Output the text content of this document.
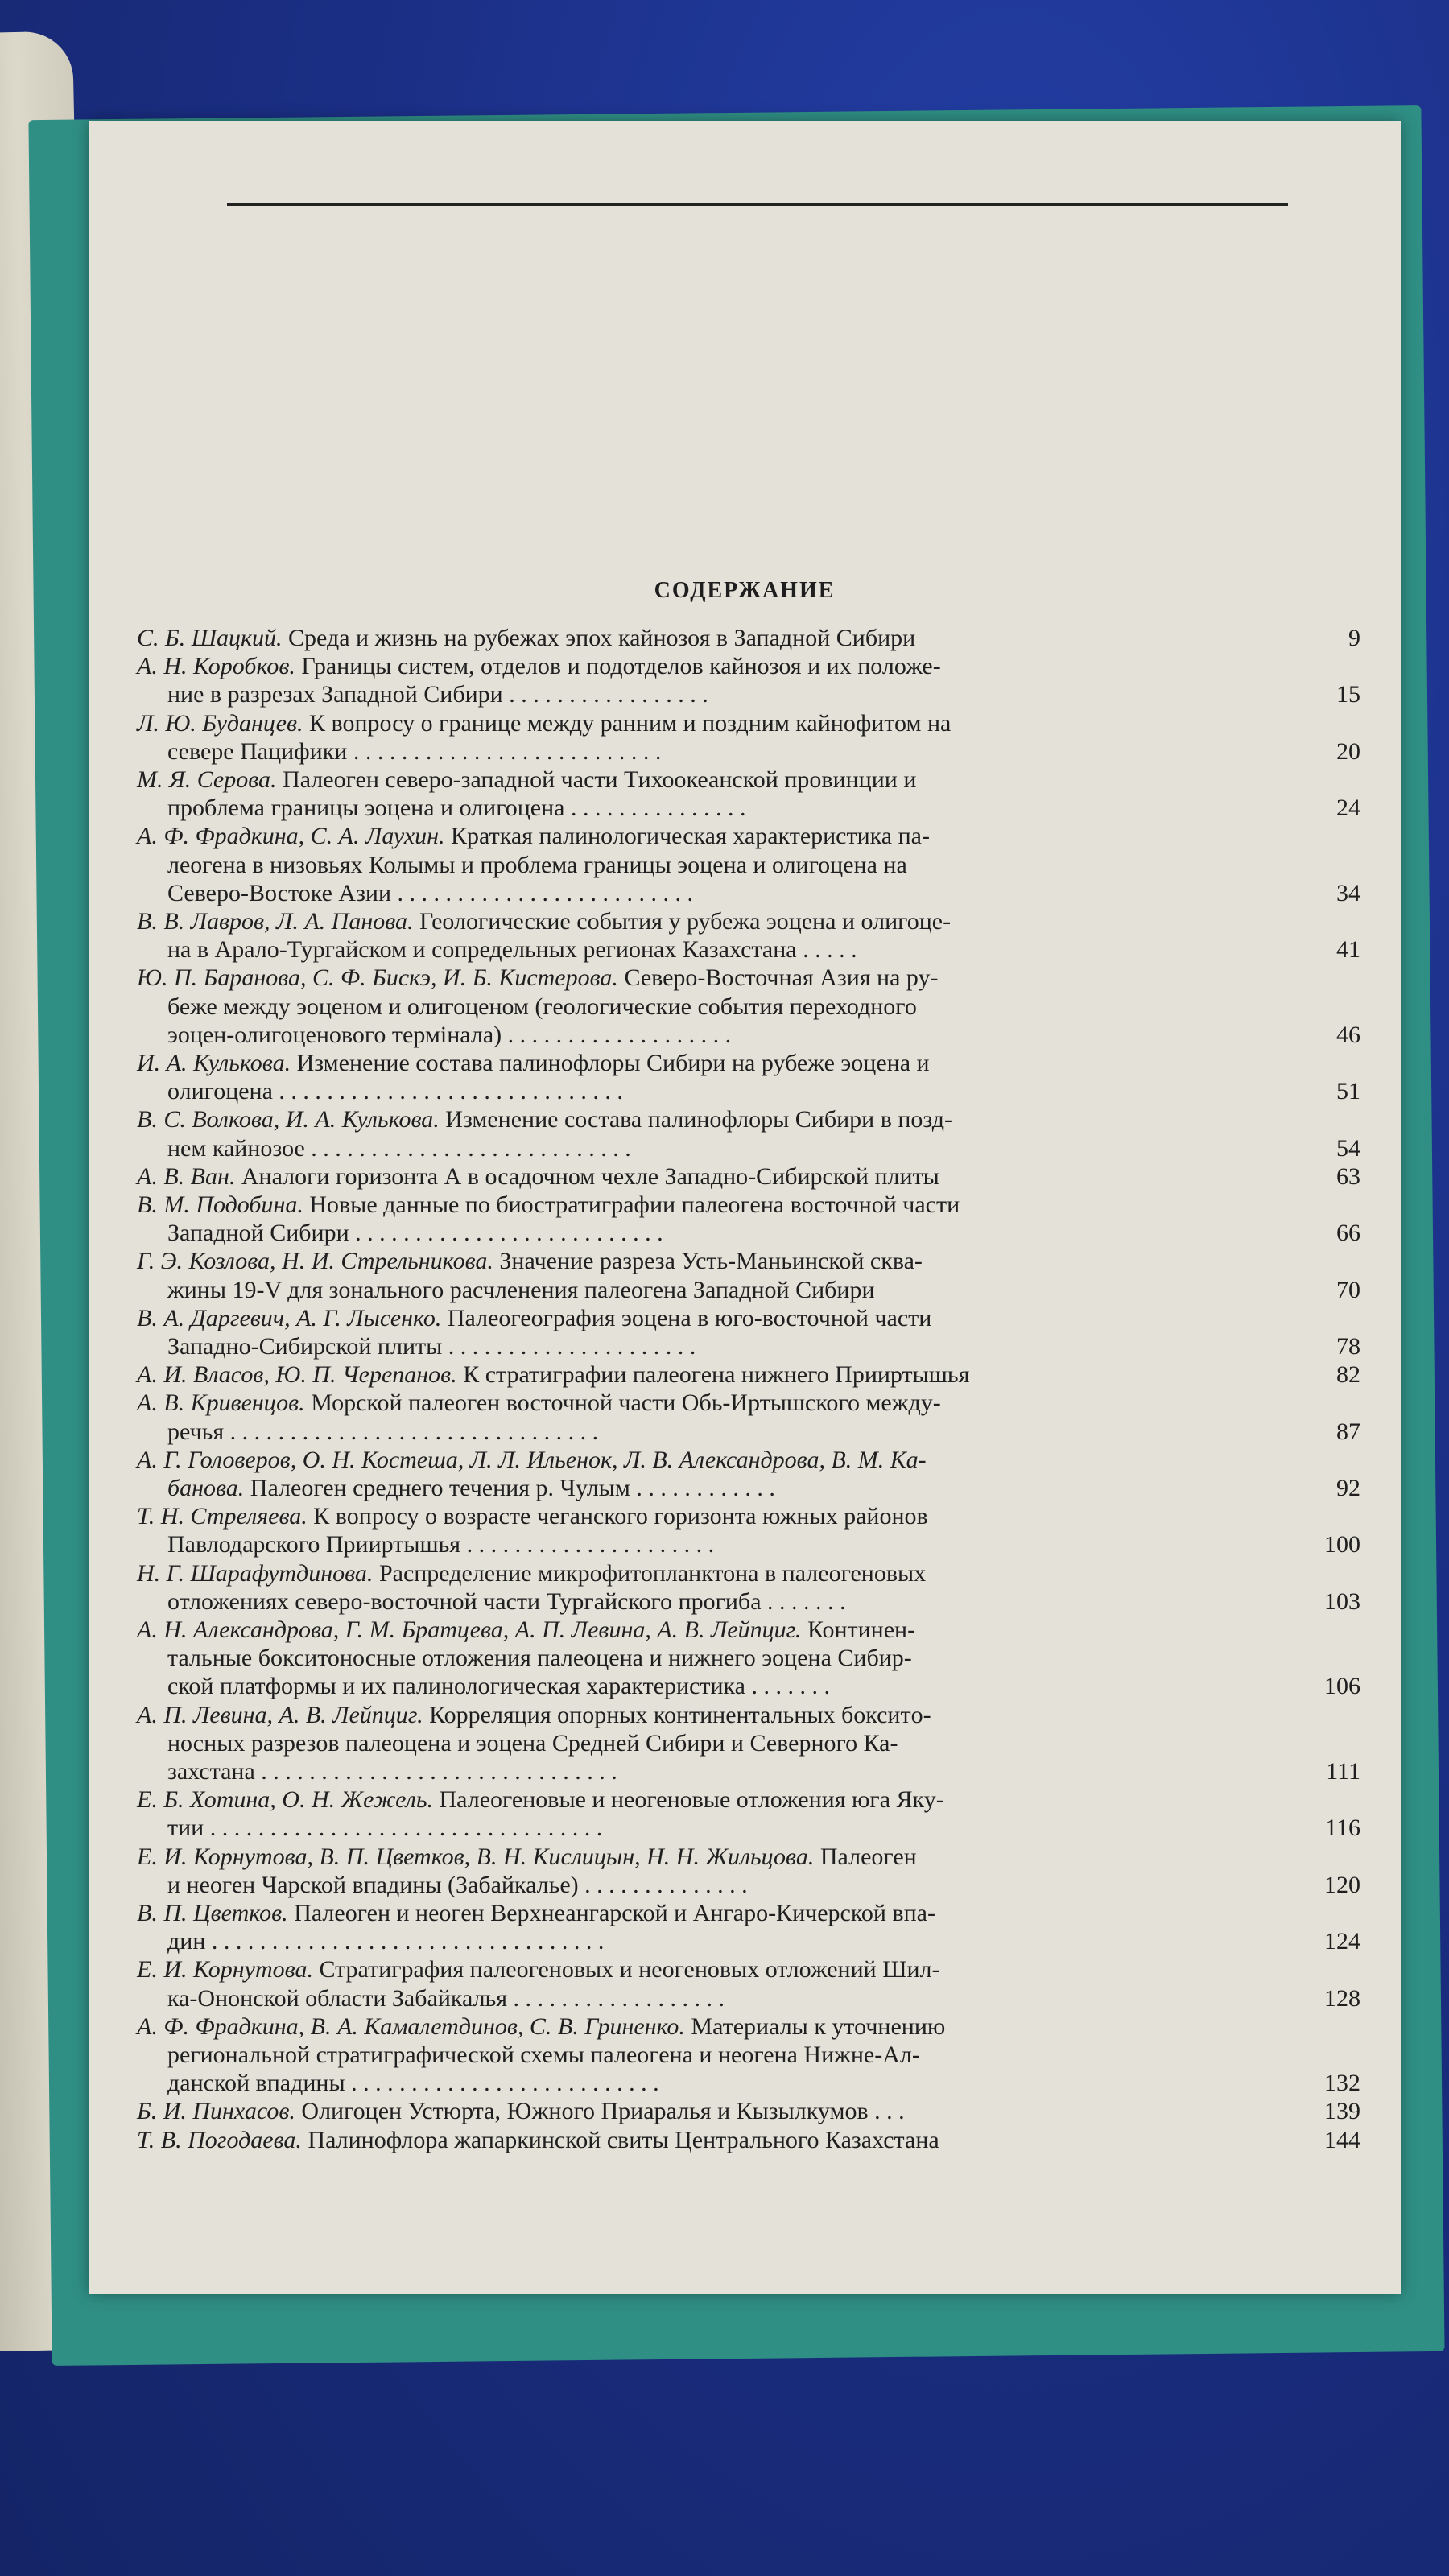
СОДЕРЖАНИЕ
С. Б. Шацкий. Среда и жизнь на рубежах эпох кайнозоя в Западной Сибири	9
А. Н. Коробков. Границы систем, отделов и подотделов кайнозоя и их положе-
ние в разрезах Западной Сибири . . . . . . . . . . . . . . . . .	15
Л. Ю. Буданцев. К вопросу о границе между ранним и поздним кайнофитом на
севере Пацифики . . . . . . . . . . . . . . . . . . . . . . . . . .	20
М. Я. Серова. Палеоген северо-западной части Тихоокеанской провинции и
проблема границы эоцена и олигоцена . . . . . . . . . . . . . . .	24
А. Ф. Фрадкина, С. А. Лаухин. Краткая палинологическая характеристика па-
леогена в низовьях Колымы и проблема границы эоцена и олигоцена на
Северо-Востоке Азии . . . . . . . . . . . . . . . . . . . . . . . . .	34
В. В. Лавров, Л. А. Панова. Геологические события у рубежа эоцена и олигоце-
на в Арало-Тургайском и сопредельных регионах Казахстана . . . . .	41
Ю. П. Баранова, С. Ф. Бискэ, И. Б. Кистерова. Северо-Восточная Азия на ру-
беже между эоценом и олигоценом (геологические события переходного
эоцен-олигоценового термінала) . . . . . . . . . . . . . . . . . . .	46
И. А. Кулькова. Изменение состава палинофлоры Сибири на рубеже эоцена и
олигоцена . . . . . . . . . . . . . . . . . . . . . . . . . . . . .	51
В. С. Волкова, И. А. Кулькова. Изменение состава палинофлоры Сибири в позд-
нем кайнозое . . . . . . . . . . . . . . . . . . . . . . . . . . .	54
А. В. Ван. Аналоги горизонта А в осадочном чехле Западно-Сибирской плиты	63
В. М. Подобина. Новые данные по биостратиграфии палеогена восточной части
Западной Сибири . . . . . . . . . . . . . . . . . . . . . . . . . .	66
Г. Э. Козлова, Н. И. Стрельникова. Значение разреза Усть-Маньинской сква-
жины 19-V для зонального расчленения палеогена Западной Сибири	70
В. А. Даргевич, А. Г. Лысенко. Палеогеография эоцена в юго-восточной части
Западно-Сибирской плиты . . . . . . . . . . . . . . . . . . . . .	78
А. И. Власов, Ю. П. Черепанов. К стратиграфии палеогена нижнего Прииртышья	82
А. В. Кривенцов. Морской палеоген восточной части Обь-Иртышского между-
речья . . . . . . . . . . . . . . . . . . . . . . . . . . . . . . .	87
А. Г. Головеров, О. Н. Костеша, Л. Л. Ильенок, Л. В. Александрова, В. М. Ка-
банова. Палеоген среднего течения р. Чулым . . . . . . . . . . . .	92
Т. Н. Стреляева. К вопросу о возрасте чеганского горизонта южных районов
Павлодарского Прииртышья . . . . . . . . . . . . . . . . . . . . .	100
Н. Г. Шарафутдинова. Распределение микрофитопланктона в палеогеновых
отложениях северо-восточной части Тургайского прогиба . . . . . . .	103
А. Н. Александрова, Г. М. Братцева, А. П. Левина, А. В. Лейпциг. Континен-
тальные бокситоносные отложения палеоцена и нижнего эоцена Сибир-
ской платформы и их палинологическая характеристика . . . . . . .	106
А. П. Левина, А. В. Лейпциг. Корреляция опорных континентальных бокситo-
носных разрезов палеоцена и эоцена Средней Сибири и Северного Ка-
захстана . . . . . . . . . . . . . . . . . . . . . . . . . . . . . .	111
Е. Б. Хотина, О. Н. Жежель. Палеогеновые и неогеновые отложения юга Яку-
тии . . . . . . . . . . . . . . . . . . . . . . . . . . . . . . . . .	116
Е. И. Корнутова, В. П. Цветков, В. Н. Кислицын, Н. Н. Жильцова. Палеоген
и неоген Чарской впадины (Забайкалье) . . . . . . . . . . . . . .	120
В. П. Цветков. Палеоген и неоген Верхнеангарской и Ангаро-Кичерской впа-
дин . . . . . . . . . . . . . . . . . . . . . . . . . . . . . . . . .	124
Е. И. Корнутова. Стратиграфия палеогеновых и неогеновых отложений Шил-
ка-Ононской области Забайкалья . . . . . . . . . . . . . . . . . .	128
А. Ф. Фрадкина, В. А. Камалетдинов, С. В. Гриненко. Материалы к уточнению
региональной стратиграфической схемы палеогена и неогена Нижне-Ал-
данской впадины . . . . . . . . . . . . . . . . . . . . . . . . . .	132
Б. И. Пинхасов. Олигоцен Устюрта, Южного Приаралья и Кызылкумов . . .	139
Т. В. Погодаева. Палинофлора жапаркинской свиты Центрального Казахстана	144
